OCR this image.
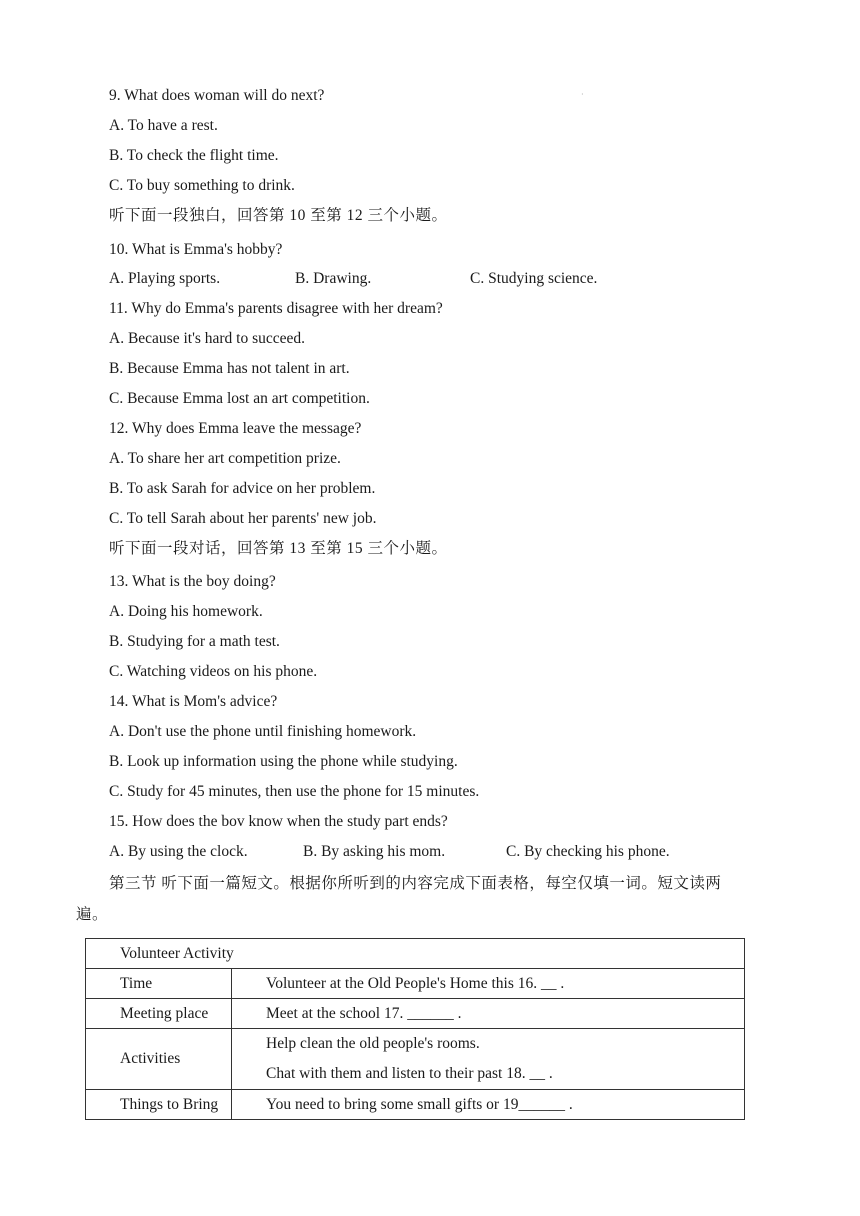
·
9. What does woman will do next?
A. To have a rest.
B. To check the flight time.
C. To buy something to drink.
听下面一段独白，回答第 10 至第 12 三个小题。
10. What is Emma's hobby?
A. Playing sports.	B. Drawing.	C. Studying science.
11. Why do Emma's parents disagree with her dream?
A. Because it's hard to succeed.
B. Because Emma has not talent in art.
C. Because Emma lost an art competition.
12. Why does Emma leave the message?
A. To share her art competition prize.
B. To ask Sarah for advice on her problem.
C. To tell Sarah about her parents' new job.
听下面一段对话，回答第 13 至第 15 三个小题。
13. What is the boy doing?
A. Doing his homework.
B. Studying for a math test.
C. Watching videos on his phone.
14. What is Mom's advice?
A. Don't use the phone until finishing homework.
B. Look up information using the phone while studying.
C. Study for 45 minutes, then use the phone for 15 minutes.
15. How does the bov know when the study part ends?
A. By using the clock.	B. By asking his mom.	C. By checking his phone.
第三节 听下面一篇短文。根据你所听到的内容完成下面表格，每空仅填一词。短文读两
遍。
Volunteer Activity	
Time	Volunteer at the Old People's Home this 16. __ .
Meeting place	Meet at the school 17. ______ .
Activities	Help clean the old people's rooms.
Chat with them and listen to their past 18. __ .

Things to Bring	You need to bring some small gifts or 19______ .
